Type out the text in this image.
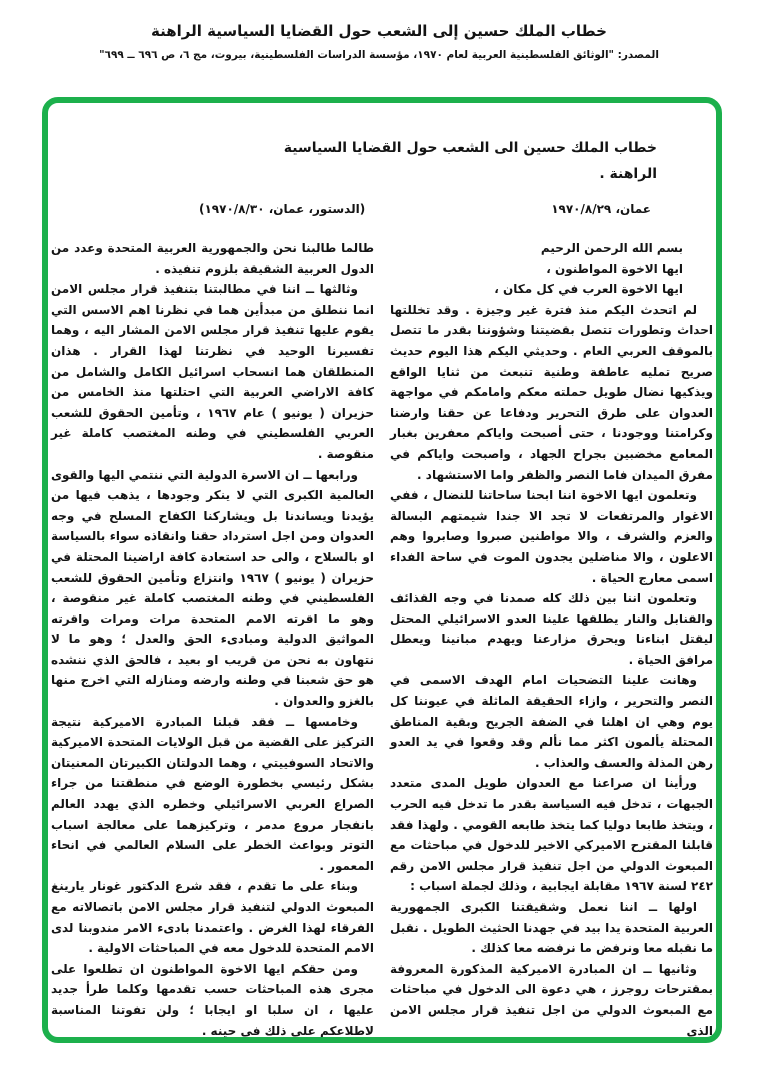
خطاب الملك حسين إلى الشعب حول القضايا السياسية الراهنة
المصدر: "الوثائق الفلسطينية العربية لعام ١٩٧٠، مؤسسة الدراسات الفلسطينية، بيروت، مج ٦، ص ٦٩٦ ــ ٦٩٩"
خطاب الملك حسين الى الشعب حول القضايا السياسية
الراهنة .
عمان، ٢٩‏/‏٨‏/‏١٩٧٠
(الدستور، عمان، ٣٠‏/‏٨‏/‏١٩٧٠)

بسم الله الرحمن الرحيم

ايها الاخوة المواطنون ،

ايها الاخوة العرب في كل مكان ،

لم اتحدث اليكم منذ فترة غير وجيزة . وقد تخللتها احداث وتطورات تتصل بقضيتنا وشؤوننا بقدر ما تتصل بالموقف العربي العام . وحديثي اليكم هذا اليوم حديث صريح تمليه عاطفة وطنية تنبعث من ثنايا الواقع ويذكيها نضال طويل حملته معكم وامامكم في مواجهة العدوان على طرق التحرير ودفاعا عن حقنا وارضنا وكرامتنا ووجودنا ، حتى أصبحت واياكم معفرين بغبار المعامع مخضبين بجراح الجهاد ، واصبحت واياكم في مفرق الميدان فاما النصر والظفر واما الاستشهاد .

وتعلمون ايها الاخوة اننا ابحنا ساحاتنا للنضال ، ففي الاغوار والمرتفعات لا تجد الا جندا شيمتهم البسالة والعزم والشرف ، والا مواطنين صبروا وصابروا وهم الاعلون ، والا مناضلين يجدون الموت في ساحة الفداء اسمى معارج الحياة .

وتعلمون اننا بين ذلك كله صمدنا في وجه القذائف والقنابل والنار يطلقها علينا العدو الاسرائيلي المحتل ليقتل ابناءنا ويحرق مزارعنا ويهدم مبانينا ويعطل مرافق الحياة .

وهانت علينا التضحيات امام الهدف الاسمى في النصر والتحرير ، وازاء الحقيقة الماثلة في عيوننا كل يوم وهي ان اهلنا في الضفة الجريح وبقية المناطق المحتلة يألمون اكثر مما نألم وقد وقعوا في يد العدو رهن المذلة والعسف والعذاب .

ورأينا ان صراعنا مع العدوان طويل المدى متعدد الجبهات ، تدخل فيه السياسة بقدر ما تدخل فيه الحرب ، ويتخذ طابعا دوليا كما يتخذ طابعه القومي . ولهذا فقد قابلنا المقترح الاميركي الاخير للدخول في مباحثات مع المبعوث الدولي من اجل تنفيذ قرار مجلس الامن رقم ٢٤٢ لسنة ١٩٦٧ مقابلة ايجابية ، وذلك لجملة اسباب :

اولها ــ اننا نعمل وشقيقتنا الكبرى الجمهورية العربية المتحدة يدا بيد في جهدنا الحثيث الطويل . نقبل ما نقبله معا ونرفض ما نرفضه معا كذلك .

وثانيها ــ ان المبادرة الاميركية المذكورة المعروفة بمقترحات روجرز ، هي دعوة الى الدخول في مباحثات مع المبعوث الدولي من اجل تنفيذ قرار مجلس الامن الذي

طالما طالبنا نحن والجمهورية العربية المتحدة وعدد من الدول العربية الشقيقة بلزوم تنفيذه .

وثالثها ــ اننا في مطالبتنا بتنفيذ قرار مجلس الامن انما ننطلق من مبدأين هما في نظرنا اهم الاسس التي يقوم عليها تنفيذ قرار مجلس الامن المشار اليه ، وهما تفسيرنا الوحيد في نظرتنا لهذا القرار . هذان المنطلقان هما انسحاب اسرائيل الكامل والشامل من كافة الاراضي العربية التي احتلتها منذ الخامس من حزيران ( يونيو ) عام ١٩٦٧ ، وتأمين الحقوق للشعب العربي الفلسطيني في وطنه المغتصب كاملة غير منقوصة .

ورابعها ــ ان الاسرة الدولية التي ننتمي اليها والقوى العالمية الكبرى التي لا ينكر وجودها ، يذهب فيها من يؤيدنا ويساندنا بل ويشاركنا الكفاح المسلح في وجه العدوان ومن اجل استرداد حقنا وانقاذه سواء بالسياسة او بالسلاح ، والى حد استعادة كافة اراضينا المحتلة في حزيران ( يونيو ) ١٩٦٧ وانتزاع وتأمين الحقوق للشعب الفلسطيني في وطنه المغتصب كاملة غير منقوصة ، وهو ما اقرته الامم المتحدة مرات ومرات واقرته المواثيق الدولية ومبادىء الحق والعدل ؛ وهو ما لا نتهاون به نحن من قريب او بعيد ، فالحق الذي ننشده هو حق شعبنا في وطنه وارضه ومنازله التي اخرج منها بالغزو والعدوان .

وخامسها ــ فقد قبلنا المبادرة الاميركية نتيجة التركيز على القضية من قبل الولايات المتحدة الاميركية والاتحاد السوفييتي ، وهما الدولتان الكبيرتان المعنيتان بشكل رئيسي بخطورة الوضع في منطقتنا من جراء الصراع العربي الاسرائيلي وخطره الذي يهدد العالم بانفجار مروع مدمر ، وتركيزهما على معالجة اسباب التوتر وبواعث الخطر على السلام العالمي في انحاء المعمور .

وبناء على ما تقدم ، فقد شرع الدكتور غونار يارينغ المبعوث الدولي لتنفيذ قرار مجلس الامن باتصالاته مع الفرقاء لهذا الغرض . واعتمدنا بادىء الامر مندوبنا لدى الامم المتحدة للدخول معه في المباحثات الاولية .

ومن حقكم ايها الاخوة المواطنون ان تطلعوا على مجرى هذه المباحثات حسب تقدمها وكلما طرأ جديد عليها ، ان سلبا او ايجابا ؛ ولن تفوتنا المناسبة لاطلاعكم على ذلك في حينه .
